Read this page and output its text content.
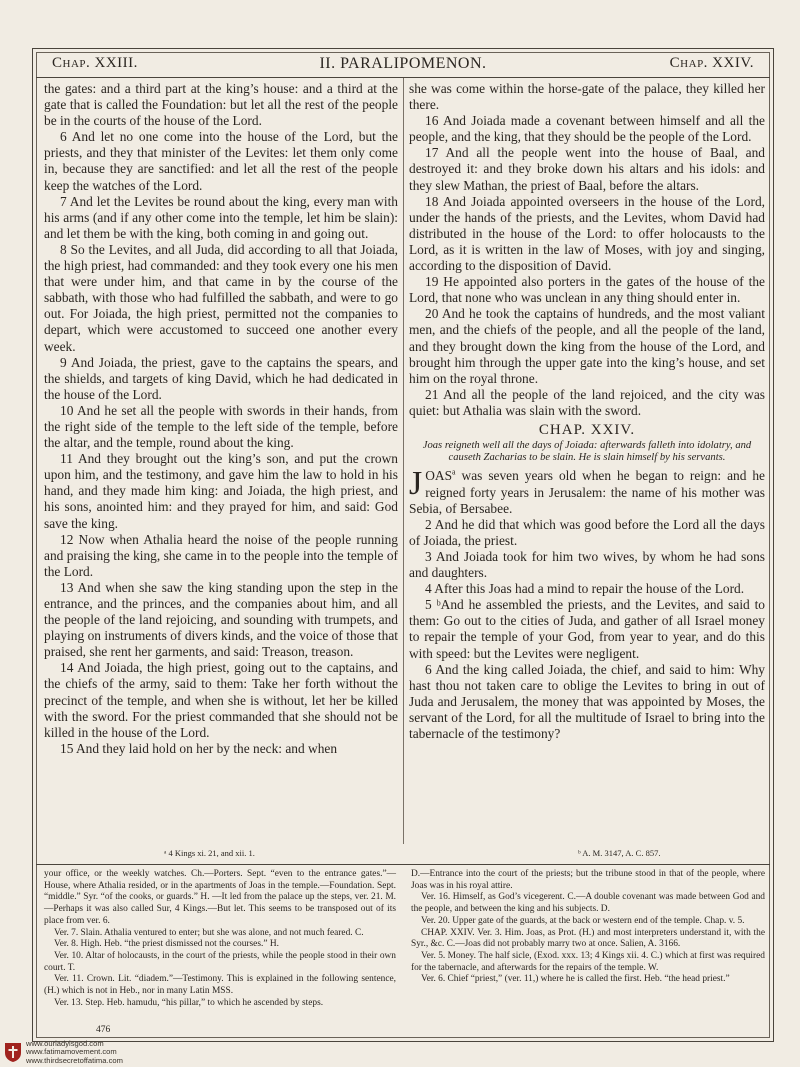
Chap. XXIII.	II. PARALIPOMENON.	Chap. XXIV.

the gates: and a third part at the king’s house: and a third at the gate that is called the Foundation: but let all the rest of the people be in the courts of the house of the Lord.

6 And let no one come into the house of the Lord, but the priests, and they that minister of the Levites: let them only come in, because they are sanctified: and let all the rest of the people keep the watches of the Lord.

7 And let the Levites be round about the king, every man with his arms (and if any other come into the temple, let him be slain): and let them be with the king, both coming in and going out.

8 So the Levites, and all Juda, did according to all that Joiada, the high priest, had commanded: and they took every one his men that were under him, and that came in by the course of the sabbath, with those who had fulfilled the sabbath, and were to go out. For Joiada, the high priest, permitted not the companies to depart, which were accustomed to succeed one another every week.

9 And Joiada, the priest, gave to the captains the spears, and the shields, and targets of king David, which he had dedicated in the house of the Lord.

10 And he set all the people with swords in their hands, from the right side of the temple to the left side of the temple, before the altar, and the temple, round about the king.

11 And they brought out the king’s son, and put the crown upon him, and the testimony, and gave him the law to hold in his hand, and they made him king: and Joiada, the high priest, and his sons, anointed him: and they prayed for him, and said: God save the king.

12 Now when Athalia heard the noise of the people running and praising the king, she came in to the people into the temple of the Lord.

13 And when she saw the king standing upon the step in the entrance, and the princes, and the companies about him, and all the people of the land rejoicing, and sounding with trumpets, and playing on instruments of divers kinds, and the voice of those that praised, she rent her garments, and said: Treason, treason.

14 And Joiada, the high priest, going out to the captains, and the chiefs of the army, said to them: Take her forth without the precinct of the temple, and when she is without, let her be killed with the sword. For the priest commanded that she should not be killed in the house of the Lord.

15 And they laid hold on her by the neck: and when

she was come within the horse-gate of the palace, they killed her there.

16 And Joiada made a covenant between himself and all the people, and the king, that they should be the people of the Lord.

17 And all the people went into the house of Baal, and destroyed it: and they broke down his altars and his idols: and they slew Mathan, the priest of Baal, before the altars.

18 And Joiada appointed overseers in the house of the Lord, under the hands of the priests, and the Levites, whom David had distributed in the house of the Lord: to offer holocausts to the Lord, as it is written in the law of Moses, with joy and singing, according to the disposition of David.

19 He appointed also porters in the gates of the house of the Lord, that none who was unclean in any thing should enter in.

20 And he took the captains of hundreds, and the most valiant men, and the chiefs of the people, and all the people of the land, and they brought down the king from the house of the Lord, and brought him through the upper gate into the king’s house, and set him on the royal throne.

21 And all the people of the land rejoiced, and the city was quiet: but Athalia was slain with the sword.

CHAP. XXIV.
Joas reigneth well all the days of Joiada: afterwards falleth into idolatry, and causeth Zacharias to be slain. He is slain himself by his servants.

JOAS$^a$ was seven years old when he began to reign: and he reigned forty years in Jerusalem: the name of his mother was Sebia, of Bersabee.

2 And he did that which was good before the Lord all the days of Joiada, the priest.

3 And Joiada took for him two wives, by whom he had sons and daughters.

4 After this Joas had a mind to repair the house of the Lord.

5 ᵇAnd he assembled the priests, and the Levites, and said to them: Go out to the cities of Juda, and gather of all Israel money to repair the temple of your God, from year to year, and do this with speed: but the Levites were negligent.

6 And the king called Joiada, the chief, and said to him: Why hast thou not taken care to oblige the Levites to bring in out of Juda and Jerusalem, the money that was appointed by Moses, the servant of the Lord, for all the multitude of Israel to bring into the tabernacle of the testimony?

ᵃ 4 Kings xi. 21, and xii. 1.	ᵇ A. M. 3147, A. C. 857.

your office, or the weekly watches. Ch.—Porters. Sept. “even to the entrance gates.”—House, where Athalia resided, or in the apartments of Joas in the temple.—Foundation. Sept. “middle.” Syr. “of the cooks, or guards.” H. —It led from the palace up the steps, ver. 21. M.—Perhaps it was also called Sur, 4 Kings.—But let. This seems to be transposed out of its place from ver. 6.

Ver. 7. Slain. Athalia ventured to enter; but she was alone, and not much feared. C.

Ver. 8. High. Heb. “the priest dismissed not the courses.” H.

Ver. 10. Altar of holocausts, in the court of the priests, while the people stood in their own court. T.

Ver. 11. Crown. Lit. “diadem.”—Testimony. This is explained in the following sentence, (H.) which is not in Heb., nor in many Latin MSS.

Ver. 13. Step. Heb. hamudu, “his pillar,” to which he ascended by steps.

D.—Entrance into the court of the priests; but the tribune stood in that of the people, where Joas was in his royal attire.

Ver. 16. Himself, as God’s vicegerent. C.—A double covenant was made between God and the people, and between the king and his subjects. D.

Ver. 20. Upper gate of the guards, at the back or western end of the temple. Chap. v. 5.

CHAP. XXIV. Ver. 3. Him. Joas, as Prot. (H.) and most interpreters understand it, with the Syr., &c. C.—Joas did not probably marry two at once. Salien, A. 3166.

Ver. 5. Money. The half sicle, (Exod. xxx. 13; 4 Kings xii. 4. C.) which at first was required for the tabernacle, and afterwards for the repairs of the temple. W.

Ver. 6. Chief “priest,” (ver. 11,) where he is called the first. Heb. “the head priest.”

476
www.ourladyisgod.com
www.fatimamovement.com
www.thirdsecretoffatima.com
